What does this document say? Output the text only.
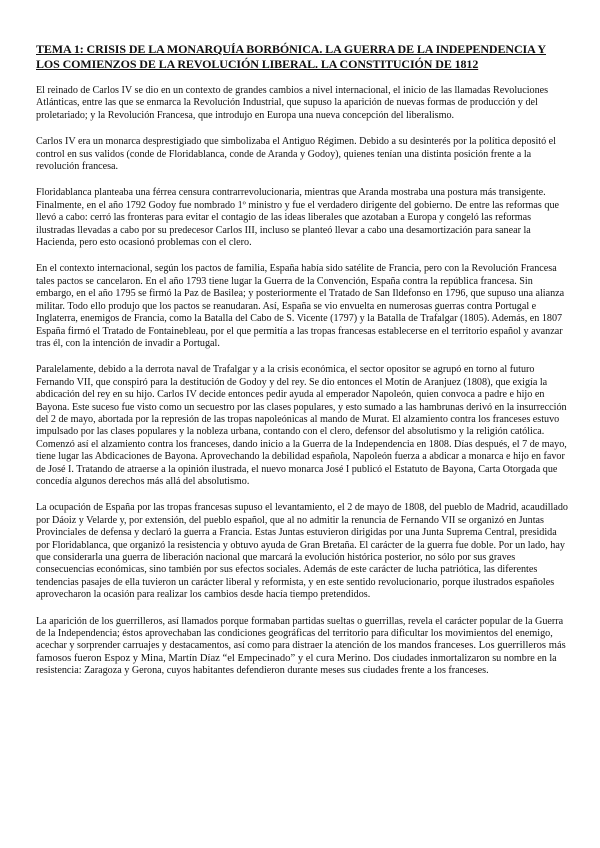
TEMA 1: CRISIS DE LA MONARQUÍA BORBÓNICA. LA GUERRA DE LA INDEPENDENCIA Y LOS COMIENZOS DE LA REVOLUCIÓN LIBERAL. LA CONSTITUCIÓN DE 1812

El reinado de Carlos IV se dio en un contexto de grandes cambios a nivel internacional, el inicio de las llamadas Revoluciones Atlánticas, entre las que se enmarca la Revolución Industrial, que supuso la aparición de nuevas formas de producción y del proletariado; y la Revolución Francesa, que introdujo en Europa una nueva concepción del liberalismo.

Carlos IV era un monarca desprestigiado que simbolizaba el Antiguo Régimen. Debido a su desinterés por la política depositó el control en sus validos (conde de Floridablanca, conde de Aranda y Godoy), quienes tenían una distinta posición frente a la revolución francesa.

Floridablanca planteaba una férrea censura contrarrevolucionaria, mientras que Aranda mostraba una postura más transigente. Finalmente, en el año 1792 Godoy fue nombrado 1º ministro y fue el verdadero dirigente del gobierno. De entre las reformas que llevó a cabo: cerró las fronteras para evitar el contagio de las ideas liberales que azotaban a Europa y congeló las reformas ilustradas llevadas a cabo por su predecesor Carlos III, incluso se planteó llevar a cabo una desamortización para sanear la Hacienda, pero esto ocasionó problemas con el clero.

En el contexto internacional, según los pactos de familia, España había sido satélite de Francia, pero con la Revolución Francesa tales pactos se cancelaron. En el año 1793 tiene lugar la Guerra de la Convención, España contra la república francesa. Sin embargo, en el año 1795 se firmó la Paz de Basilea; y posteriormente el Tratado de San Ildefonso en 1796, que supuso una alianza militar. Todo ello produjo que los pactos se reanudaran. Así, España se vio envuelta en numerosas guerras contra Portugal e Inglaterra, enemigos de Francia, como la Batalla del Cabo de S. Vicente (1797) y la Batalla de Trafalgar (1805). Además, en 1807 España firmó el Tratado de Fontainebleau, por el que permitía a las tropas francesas establecerse en el territorio español y avanzar tras él, con la intención de invadir a Portugal.

Paralelamente, debido a la derrota naval de Trafalgar y a la crisis económica, el sector opositor se agrupó en torno al futuro Fernando VII, que conspiró para la destitución de Godoy y del rey. Se dio entonces el Motín de Aranjuez (1808), que exigía la abdicación del rey en su hijo. Carlos IV decide entonces pedir ayuda al emperador Napoleón, quien convoca a padre e hijo en Bayona. Este suceso fue visto como un secuestro por las clases populares, y esto sumado a las hambrunas derivó en la insurrección del 2 de mayo, abortada por la represión de las tropas napoleónicas al mando de Murat. El alzamiento contra los franceses estuvo impulsado por las clases populares y la nobleza urbana, contando con el clero, defensor del absolutismo y la religión católica. Comenzó así el alzamiento contra los franceses, dando inicio a la Guerra de la Independencia en 1808. Días después, el 7 de mayo, tiene lugar las Abdicaciones de Bayona. Aprovechando la debilidad española, Napoleón fuerza a abdicar a monarca e hijo en favor de José I. Tratando de atraerse a la opinión ilustrada, el nuevo monarca José I publicó el Estatuto de Bayona, Carta Otorgada que concedía algunos derechos más allá del absolutismo.

La ocupación de España por las tropas francesas supuso el levantamiento, el 2 de mayo de 1808, del pueblo de Madrid, acaudillado por Dáoiz y Velarde y, por extensión, del pueblo español, que al no admitir la renuncia de Fernando VII se organizó en Juntas Provinciales de defensa y declaró la guerra a Francia. Estas Juntas estuvieron dirigidas por una Junta Suprema Central, presidida por Floridablanca, que organizó la resistencia y obtuvo ayuda de Gran Bretaña. El carácter de la guerra fue doble. Por un lado, hay que considerarla una guerra de liberación nacional que marcará la evolución histórica posterior, no sólo por sus graves consecuencias económicas, sino también por sus efectos sociales. Además de este carácter de lucha patriótica, las diferentes tendencias pasajes de ella tuvieron un carácter liberal y reformista, y en este sentido revolucionario, porque ilustrados españoles aprovecharon la ocasión para realizar los cambios desde hacía tiempo pretendidos.

La aparición de los guerrilleros, así llamados porque formaban partidas sueltas o guerrillas, revela el carácter popular de la Guerra de la Independencia; éstos aprovechaban las condiciones geográficas del territorio para dificultar los movimientos del enemigo, acechar y sorprender carruajes y destacamentos, así como para distraer la atención de los mandos franceses. Los guerrilleros más famosos fueron Espoz y Mina, Martín Díaz “el Empecinado” y el cura Merino. Dos ciudades inmortalizaron su nombre en la resistencia: Zaragoza y Gerona, cuyos habitantes defendieron durante meses sus ciudades frente a los franceses.
